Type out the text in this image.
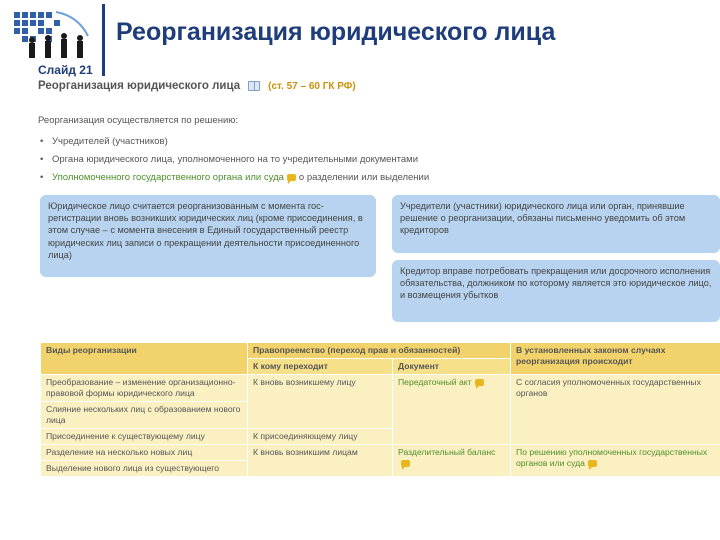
Реорганизация юридического лица
Слайд 21
Реорганизация юридического лица	(ст. 57 – 60 ГК РФ)
Реорганизация осуществляется по решению:
• Учредителей (участников)
• Органа юридического лица, уполномоченного на то учредительными документами
• Уполномоченного государственного органа или суда о разделении или выделении
Юридическое лицо считается реорганизованным с момента гос-регистрации вновь возникших юридических лиц (кроме присоединения, в этом случае – с момента внесения в Единый государственный реестр юридических лиц записи о прекращении деятельности присоединенного лица)
Учредители (участники) юридического лица или орган, принявшие решение о реорганизации, обязаны письменно уведомить об этом кредиторов
Кредитор вправе потребовать прекращения или досрочного исполнения обязательства, должником по которому является это юридическое лицо, и возмещения убытков
Виды реорганизации	Правопреемство (переход прав и обязанностей)		В установленных законом случаях реорганизация происходит
	К кому переходит	Документ	
Преобразование – изменение организационно-правовой формы юридического лица	К вновь возникшему лицу	Передаточный акт	С согласия уполномоченных государственных органов
Слияние нескольких лиц с образованием нового лица			
Присоединение к существующему лицу	К присоединяющему лицу		
Разделение на несколько новых лиц	К вновь возникшим лицам	Разделительный баланс	По решению уполномоченных государственных органов или суда
Выделение нового лица из существующего			
